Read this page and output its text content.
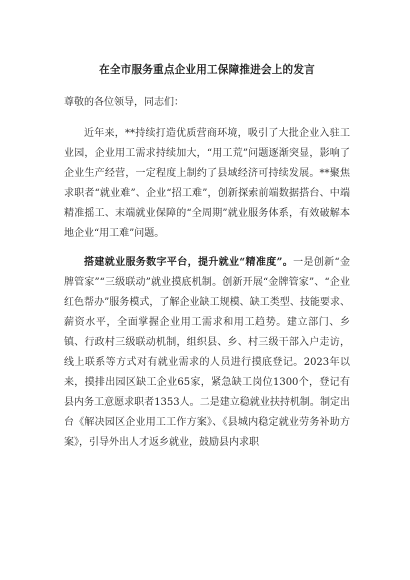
在全市服务重点企业用工保障推进会上的发言
尊敬的各位领导，同志们：

近年来，**持续打造优质营商环境，吸引了大批企业入驻工业园，企业用工需求持续加大，“用工荒”问题逐渐突显，影响了企业生产经营，一定程度上制约了县域经济可持续发展。**聚焦求职者“就业难”、企业“招工难”，创新探索前端数据搭台、中端精准摇工、末端就业保障的“全周期”就业服务体系，有效破解本地企业“用工难”问题。

搭建就业服务数字平台，提升就业“精准度”。一是创新“金牌管家”“三级联动”就业摸底机制。创新开展“金牌管家”、“企业红色帮办”服务模式，了解企业缺工规模、缺工类型、技能要求、薪资水平，全面掌握企业用工需求和用工趋势。建立部门、乡镇、行政村三级联动机制，组织县、乡、村三级干部入户走访，线上联系等方式对有就业需求的人员进行摸底登记。2023年以来，摸排出园区缺工企业65家，紧急缺工岗位1300个，登记有县内务工意愿求职者1353人。二是建立稳就业扶持机制。制定出台《解决园区企业用工工作方案》、《县城内稳定就业劳务补助方案》，引导外出人才返乡就业，鼓励县内求职
